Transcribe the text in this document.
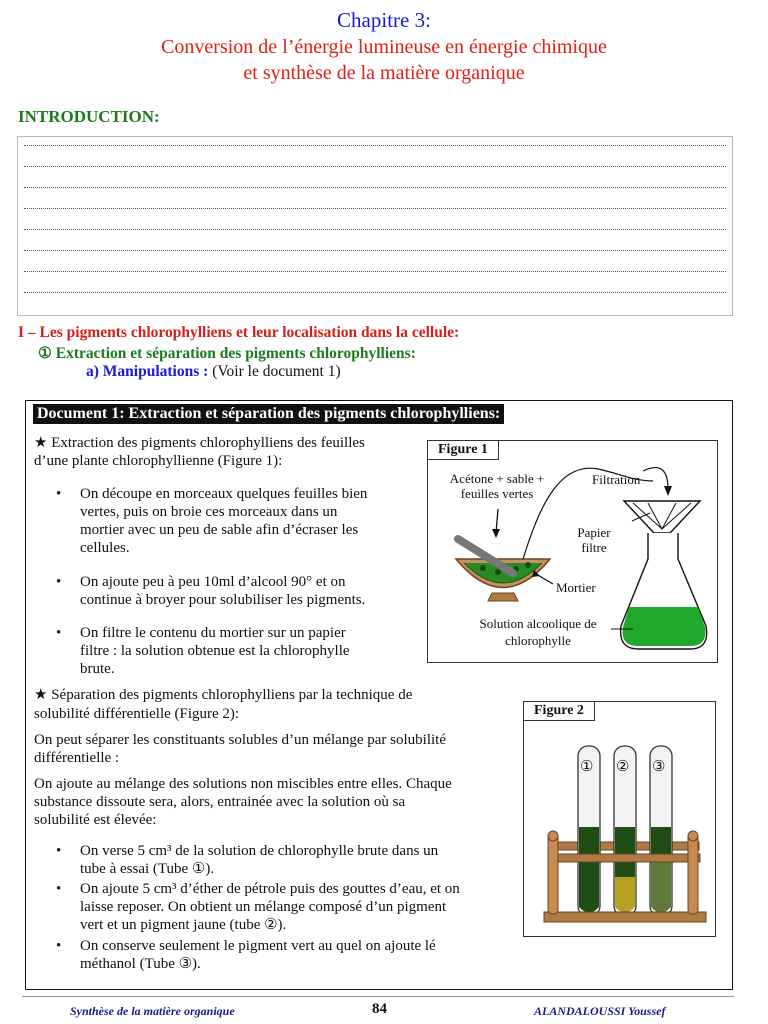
Chapitre 3:
Conversion de l’énergie lumineuse en énergie chimique
et synthèse de la matière organique
INTRODUCTION:
I – Les pigments chlorophylliens et leur localisation dans la cellule:
① Extraction et séparation des pigments chlorophylliens:
a) Manipulations : (Voir le document 1)
Document 1: Extraction et séparation des pigments chlorophylliens:
★ Extraction des pigments chlorophylliens des feuilles
d’une plante chlorophyllienne (Figure 1):
• On découpe en morceaux quelques feuilles bien
vertes, puis on broie ces morceaux dans un
mortier avec un peu de sable afin d’écraser les
cellules.
• On ajoute peu à peu 10ml d’alcool 90° et on
continue à broyer pour solubiliser les pigments.
• On filtre le contenu du mortier sur un papier
filtre : la solution obtenue est la chlorophylle
brute.
Figure 1
Acétone + sable +
feuilles vertes
Filtration
Papier
filtre
Mortier
Solution alcoolique de
chlorophylle
★ Séparation des pigments chlorophylliens par la technique de
solubilité différentielle (Figure 2):
On peut séparer les constituants solubles d’un mélange par solubilité
différentielle :
On ajoute au mélange des solutions non miscibles entre elles. Chaque
substance dissoute sera, alors, entrainée avec la solution où sa
solubilité est élevée:
• On verse 5 cm³ de la solution de chlorophylle brute dans un
tube à essai (Tube ①).
• On ajoute 5 cm³ d’éther de pétrole puis des gouttes d’eau, et on
laisse reposer. On obtient un mélange composé d’un pigment
vert et un pigment jaune (tube ②).
• On conserve seulement le pigment vert au quel on ajoute lé
méthanol (Tube ③).
Figure 2
① ② ③
Synthèse de la matière organique	84	ALANDALOUSSI Youssef
